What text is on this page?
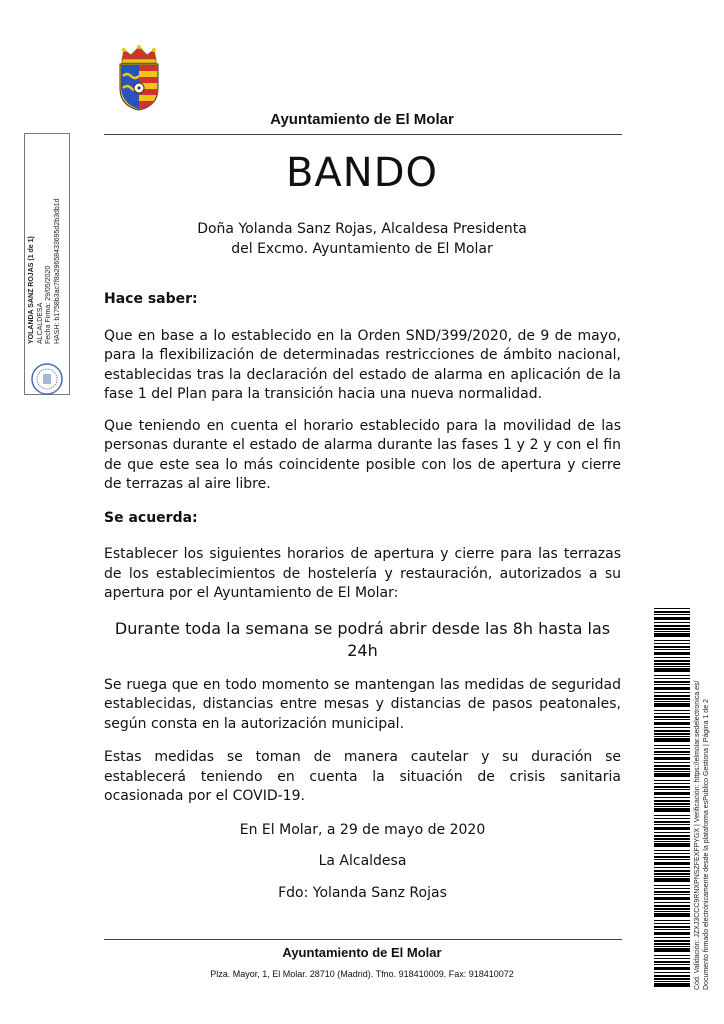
Ayuntamiento de El Molar
BANDO
Doña Yolanda Sanz Rojas, Alcaldesa Presidenta
del Excmo. Ayuntamiento de El Molar
Hace saber:
Que en base a lo establecido en la Orden SND/399/2020, de 9 de mayo, para la flexibilización de determinadas restricciones de ámbito nacional, establecidas tras la declaración del estado de alarma en aplicación de la fase 1 del Plan para la transición hacia una nueva normalidad.
Que teniendo en cuenta el horario establecido para la movilidad de las personas durante el estado de alarma durante las fases 1 y 2 y con el fin de que este sea lo más coincidente posible con los de apertura y cierre de terrazas al aire libre.
Se acuerda:
Establecer los siguientes horarios de apertura y cierre para las terrazas de los establecimientos de hostelería y restauración, autorizados a su apertura por el Ayuntamiento de El Molar:
Durante toda la semana se podrá abrir desde las 8h hasta las 24h
Se ruega que en todo momento se mantengan las medidas de seguridad establecidas, distancias entre mesas y distancias de pasos peatonales, según consta en la autorización municipal.
Estas medidas se toman de manera cautelar y su duración se establecerá teniendo en cuenta la situación de crisis sanitaria ocasionada por el COVID-19.
En El Molar, a 29 de mayo de 2020
La Alcaldesa
Fdo: Yolanda Sanz Rojas
Ayuntamiento de El Molar
Plza. Mayor, 1, El Molar. 28710 (Madrid). Tfno. 918410009. Fax: 918410072
YOLANDA SANZ ROJAS (1 de 1) ALCALDESA Fecha Firma: 29/05/2020 HASH: b1758b3ac7f8a29658433695d2b3db1d
Cód. Validación: JZXJ3CCC9RNXPNSZFEXFPYGX | Verificación: https://elmolar.sedelectronica.es/ Documento firmado electrónicamente desde la plataforma esPublico Gestiona | Página 1 de 2
